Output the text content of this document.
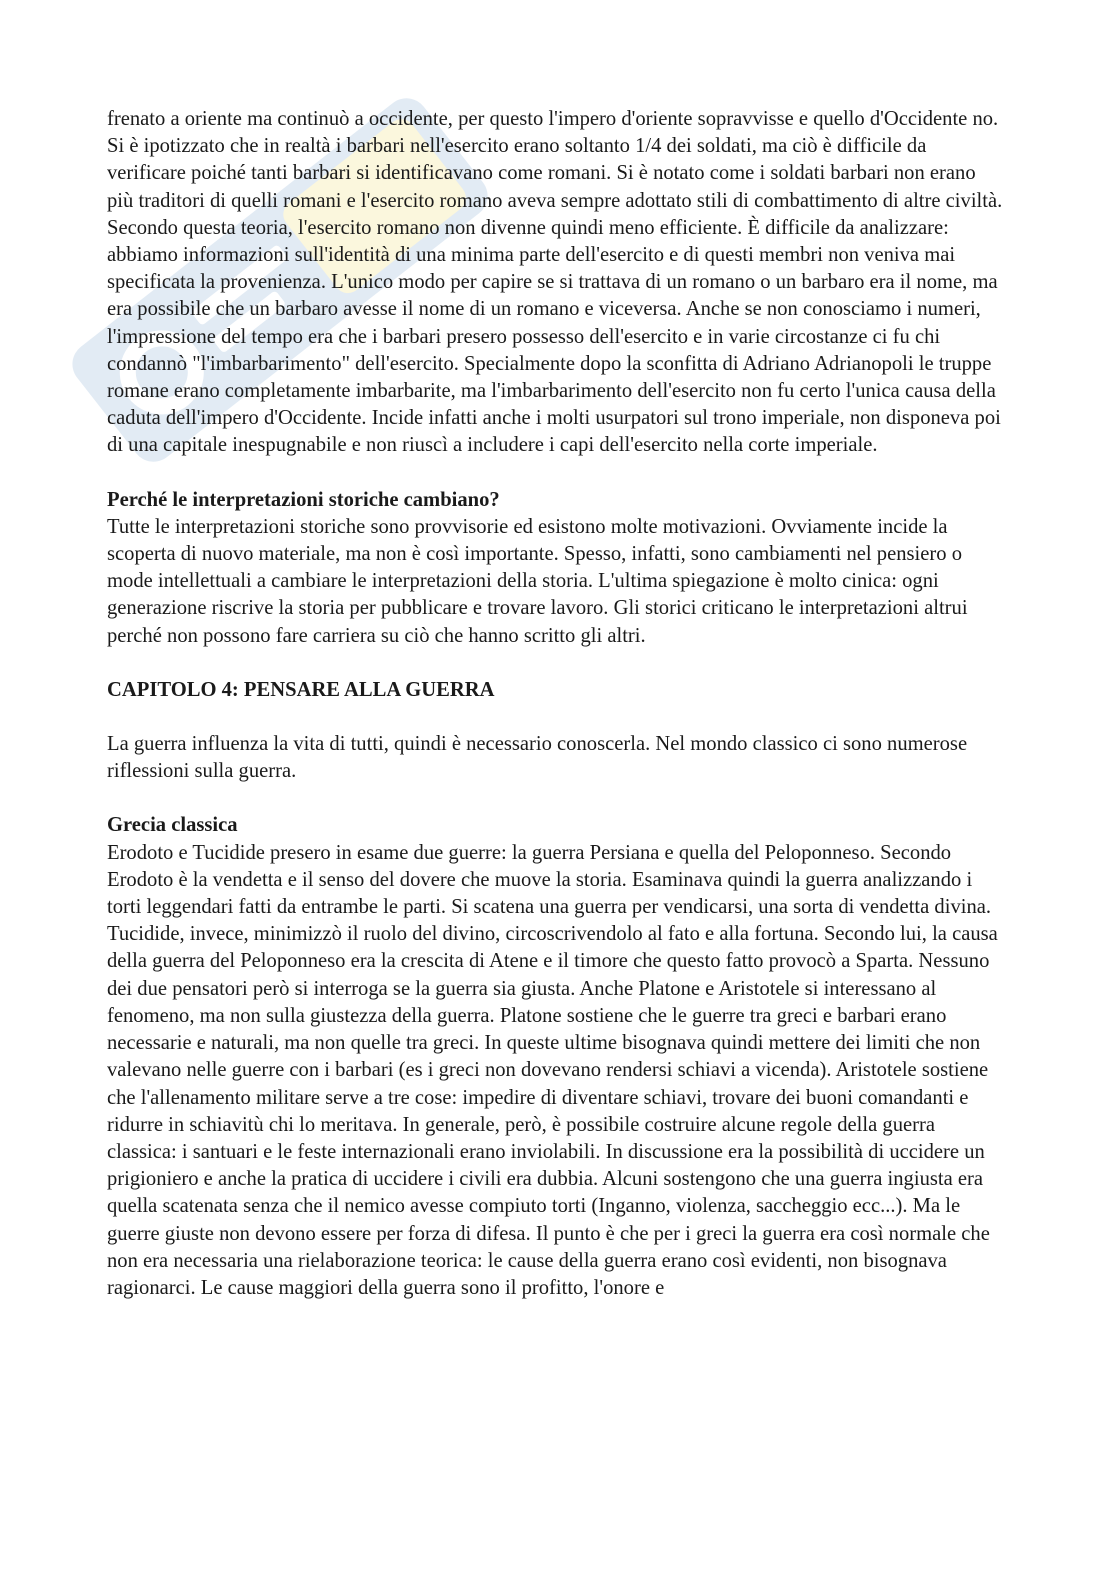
frenato a oriente ma continuò a occidente, per questo l'impero d'oriente sopravvisse e quello d'Occidente no. Si è ipotizzato che in realtà i barbari nell'esercito erano soltanto 1/4 dei soldati, ma ciò è difficile da verificare poiché tanti barbari si identificavano come romani. Si è notato come i soldati barbari non erano più traditori di quelli romani e l'esercito romano aveva sempre adottato stili di combattimento di altre civiltà. Secondo questa teoria, l'esercito romano non divenne quindi meno efficiente. È difficile da analizzare: abbiamo informazioni sull'identità di una minima parte dell'esercito e di questi membri non veniva mai specificata la provenienza. L'unico modo per capire se si trattava di un romano o un barbaro era il nome, ma era possibile che un barbaro avesse il nome di un romano e viceversa. Anche se non conosciamo i numeri, l'impressione del tempo era che i barbari presero possesso dell'esercito e in varie circostanze ci fu chi condannò "l'imbarbarimento" dell'esercito. Specialmente dopo la sconfitta di Adriano Adrianopoli le truppe romane erano completamente imbarbarite, ma l'imbarbarimento dell'esercito non fu certo l'unica causa della caduta dell'impero d'Occidente. Incide infatti anche i molti usurpatori sul trono imperiale, non disponeva poi di una capitale inespugnabile e non riuscì a includere i capi dell'esercito nella corte imperiale.

Perché le interpretazioni storiche cambiano?

Tutte le interpretazioni storiche sono provvisorie ed esistono molte motivazioni. Ovviamente incide la scoperta di nuovo materiale, ma non è così importante. Spesso, infatti, sono cambiamenti nel pensiero o mode intellettuali a cambiare le interpretazioni della storia. L'ultima spiegazione è molto cinica: ogni generazione riscrive la storia per pubblicare e trovare lavoro. Gli storici criticano le interpretazioni altrui perché non possono fare carriera su ciò che hanno scritto gli altri.

CAPITOLO 4: PENSARE ALLA GUERRA

La guerra influenza la vita di tutti, quindi è necessario conoscerla. Nel mondo classico ci sono numerose riflessioni sulla guerra.

Grecia classica

Erodoto e Tucidide presero in esame due guerre: la guerra Persiana e quella del Peloponneso. Secondo Erodoto è la vendetta e il senso del dovere che muove la storia. Esaminava quindi la guerra analizzando i torti leggendari fatti da entrambe le parti. Si scatena una guerra per vendicarsi, una sorta di vendetta divina. Tucidide, invece, minimizzò il ruolo del divino, circoscrivendolo al fato e alla fortuna. Secondo lui, la causa della guerra del Peloponneso era la crescita di Atene e il timore che questo fatto provocò a Sparta. Nessuno dei due pensatori però si interroga se la guerra sia giusta. Anche Platone e Aristotele si interessano al fenomeno, ma non sulla giustezza della guerra. Platone sostiene che le guerre tra greci e barbari erano necessarie e naturali, ma non quelle tra greci. In queste ultime bisognava quindi mettere dei limiti che non valevano nelle guerre con i barbari (es i greci non dovevano rendersi schiavi a vicenda). Aristotele sostiene che l'allenamento militare serve a tre cose: impedire di diventare schiavi, trovare dei buoni comandanti e ridurre in schiavitù chi lo meritava. In generale, però, è possibile costruire alcune regole della guerra classica: i santuari e le feste internazionali erano inviolabili. In discussione era la possibilità di uccidere un prigioniero e anche la pratica di uccidere i civili era dubbia. Alcuni sostengono che una guerra ingiusta era quella scatenata senza che il nemico avesse compiuto torti (Inganno, violenza, saccheggio ecc...). Ma le guerre giuste non devono essere per forza di difesa. Il punto è che per i greci la guerra era così normale che non era necessaria una rielaborazione teorica: le cause della guerra erano così evidenti, non bisognava ragionarci. Le cause maggiori della guerra sono il profitto, l'onore e
